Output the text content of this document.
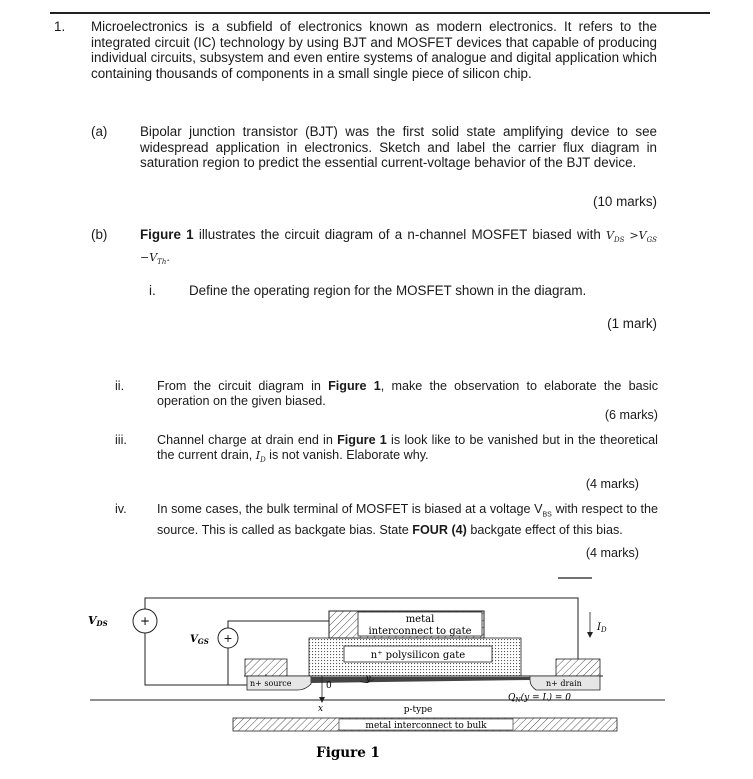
1. Microelectronics is a subfield of electronics known as modern electronics. It refers to the integrated circuit (IC) technology by using BJT and MOSFET devices that capable of producing individual circuits, subsystem and even entire systems of analogue and digital application which containing thousands of components in a small single piece of silicon chip.
(a) Bipolar junction transistor (BJT) was the first solid state amplifying device to see widespread application in electronics. Sketch and label the carrier flux diagram in saturation region to predict the essential current-voltage behavior of the BJT device.
(10 marks)
(b) Figure 1 illustrates the circuit diagram of a n-channel MOSFET biased with $V_{DS} >V_{GS} -V_{Th}$.
i. Define the operating region for the MOSFET shown in the diagram.
(1 mark)
ii.	From the circuit diagram in Figure 1, make the observation to elaborate the basic operation on the given biased.
(6 marks)
iii. Channel charge at drain end in Figure 1 is look like to be vanished but in the theoretical the current drain, $I_D$ is not vanish. Elaborate why.
(4 marks)
iv. In some cases, the bulk terminal of MOSFET is biased at a voltage $V_{BS}$ with respect to the source. This is called as backgate bias. State FOUR (4) backgate effect of this bias.
(4 marks)
+
VDS
+
$V_{GS}$
metal
interconnect to gate
n⁺ polysilicon gate
n+ source	n+ drain
0
x
y
p-type
metal interconnect to bulk
$I_D$
$Q_N(y = L) = 0$
Figure 1
